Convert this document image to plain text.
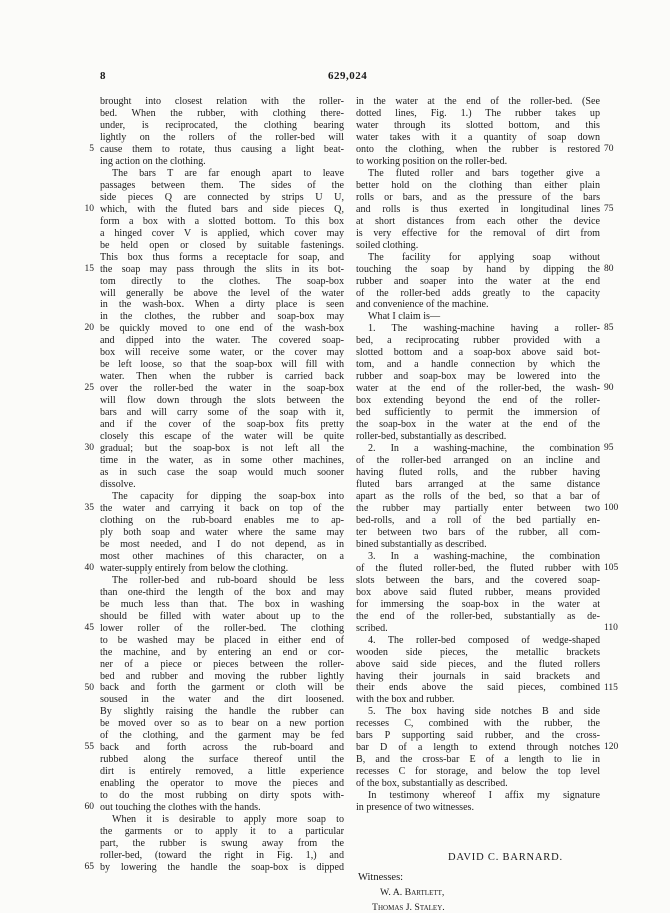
8	629,024
brought into closest relation with the roller-
bed. When the rubber, with clothing there-
under, is reciprocated, the clothing bearing
lightly on the rollers of the roller-bed will
cause them to rotate, thus causing a light beat-
ing action on the clothing.
The bars T are far enough apart to leave
passages between them. The sides of the
side pieces Q are connected by strips U U,
which, with the fluted bars and side pieces Q,
form a box with a slotted bottom. To this box
a hinged cover V is applied, which cover may
be held open or closed by suitable fastenings.
This box thus forms a receptacle for soap, and
the soap may pass through the slits in its bot-
tom directly to the clothes. The soap-box
will generally be above the level of the water
in the wash-box. When a dirty place is seen
in the clothes, the rubber and soap-box may
be quickly moved to one end of the wash-box
and dipped into the water. The covered soap-
box will receive some water, or the cover may
be left loose, so that the soap-box will fill with
water. Then when the rubber is carried back
over the roller-bed the water in the soap-box
will flow down through the slots between the
bars and will carry some of the soap with it,
and if the cover of the soap-box fits pretty
closely this escape of the water will be quite
gradual; but the soap-box is not left all the
time in the water, as in some other machines,
as in such case the soap would much sooner
dissolve.
The capacity for dipping the soap-box into
the water and carrying it back on top of the
clothing on the rub-board enables me to ap-
ply both soap and water where the same may
be most needed, and I do not depend, as in
most other machines of this character, on a
water-supply entirely from below the clothing.
The roller-bed and rub-board should be less
than one-third the length of the box and may
be much less than that. The box in washing
should be filled with water about up to the
lower roller of the roller-bed. The clothing
to be washed may be placed in either end of
the machine, and by entering an end or cor-
ner of a piece or pieces between the roller-
bed and rubber and moving the rubber lightly
back and forth the garment or cloth will be
soused in the water and the dirt loosened.
By slightly raising the handle the rubber can
be moved over so as to bear on a new portion
of the clothing, and the garment may be fed
back and forth across the rub-board and
rubbed along the surface thereof until the
dirt is entirely removed, a little experience
enabling the operator to move the pieces and
to do the most rubbing on dirty spots with-
out touching the clothes with the hands.
When it is desirable to apply more soap to
the garments or to apply it to a particular
part, the rubber is swung away from the
roller-bed, (toward the right in Fig. 1,) and
by lowering the handle the soap-box is dipped
in the water at the end of the roller-bed. (See
dotted lines, Fig. 1.) The rubber takes up
water through its slotted bottom, and this
water takes with it a quantity of soap down
onto the clothing, when the rubber is restored
to working position on the roller-bed.
The fluted roller and bars together give a
better hold on the clothing than either plain
rolls or bars, and as the pressure of the bars
and rolls is thus exerted in longitudinal lines
at short distances from each other the device
is very effective for the removal of dirt from
soiled clothing.
The facility for applying soap without
touching the soap by hand by dipping the
rubber and soaper into the water at the end
of the roller-bed adds greatly to the capacity
and convenience of the machine.
What I claim is—
1. The washing-machine having a roller-
bed, a reciprocating rubber provided with a
slotted bottom and a soap-box above said bot-
tom, and a handle connection by which the
rubber and soap-box may be lowered into the
water at the end of the roller-bed, the wash-
box extending beyond the end of the roller-
bed sufficiently to permit the immersion of
the soap-box in the water at the end of the
roller-bed, substantially as described.
2. In a washing-machine, the combination
of the roller-bed arranged on an incline and
having fluted rolls, and the rubber having
fluted bars arranged at the same distance
apart as the rolls of the bed, so that a bar of
the rubber may partially enter between two
bed-rolls, and a roll of the bed partially en-
ter between two bars of the rubber, all com-
bined substantially as described.
3. In a washing-machine, the combination
of the fluted roller-bed, the fluted rubber with
slots between the bars, and the covered soap-
box above said fluted rubber, means provided
for immersing the soap-box in the water at
the end of the roller-bed, substantially as de-
scribed.
4. The roller-bed composed of wedge-shaped
wooden side pieces, the metallic brackets
above said side pieces, and the fluted rollers
having their journals in said brackets and
their ends above the said pieces, combined
with the box and rubber.
5. The box having side notches B and side
recesses C, combined with the rubber, the
bars P supporting said rubber, and the cross-
bar D of a length to extend through notches
B, and the cross-bar E of a length to lie in
recesses C for storage, and below the top level
of the box, substantially as described.
In testimony whereof I affix my signature
in presence of two witnesses.
5
10
15
20
25
30
35
40
45
50
55
60
65
70
75
80
85
90
95
100
105
110
115
120
DAVID C. BARNARD.
Witnesses:
W. A. Bartlett,
Thomas J. Staley.
